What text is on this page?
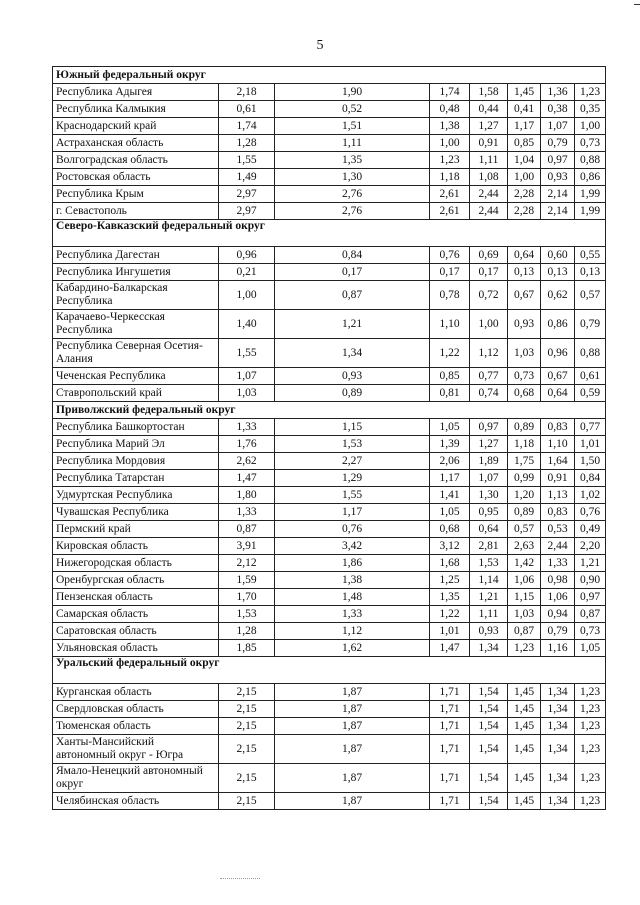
5
Южный федеральный округ							
Республика Адыгея	2,18	1,90	1,74	1,58	1,45	1,36	1,23
Республика Калмыкия	0,61	0,52	0,48	0,44	0,41	0,38	0,35
Краснодарский край	1,74	1,51	1,38	1,27	1,17	1,07	1,00
Астраханская область	1,28	1,11	1,00	0,91	0,85	0,79	0,73
Волгоградская область	1,55	1,35	1,23	1,11	1,04	0,97	0,88
Ростовская область	1,49	1,30	1,18	1,08	1,00	0,93	0,86
Республика Крым	2,97	2,76	2,61	2,44	2,28	2,14	1,99
г. Севастополь	2,97	2,76	2,61	2,44	2,28	2,14	1,99
Северо-Кавказский федеральный округ							
Республика Дагестан	0,96	0,84	0,76	0,69	0,64	0,60	0,55
Республика Ингушетия	0,21	0,17	0,17	0,17	0,13	0,13	0,13
Кабардино-Балкарская Республика	1,00	0,87	0,78	0,72	0,67	0,62	0,57
Карачаево-Черкесская Республика	1,40	1,21	1,10	1,00	0,93	0,86	0,79
Республика Северная Осетия-Алания	1,55	1,34	1,22	1,12	1,03	0,96	0,88
Чеченская Республика	1,07	0,93	0,85	0,77	0,73	0,67	0,61
Ставропольский край	1,03	0,89	0,81	0,74	0,68	0,64	0,59
Приволжский федеральный округ							
Республика Башкортостан	1,33	1,15	1,05	0,97	0,89	0,83	0,77
Республика Марий Эл	1,76	1,53	1,39	1,27	1,18	1,10	1,01
Республика Мордовия	2,62	2,27	2,06	1,89	1,75	1,64	1,50
Республика Татарстан	1,47	1,29	1,17	1,07	0,99	0,91	0,84
Удмуртская Республика	1,80	1,55	1,41	1,30	1,20	1,13	1,02
Чувашская Республика	1,33	1,17	1,05	0,95	0,89	0,83	0,76
Пермский край	0,87	0,76	0,68	0,64	0,57	0,53	0,49
Кировская область	3,91	3,42	3,12	2,81	2,63	2,44	2,20
Нижегородская область	2,12	1,86	1,68	1,53	1,42	1,33	1,21
Оренбургская область	1,59	1,38	1,25	1,14	1,06	0,98	0,90
Пензенская область	1,70	1,48	1,35	1,21	1,15	1,06	0,97
Самарская область	1,53	1,33	1,22	1,11	1,03	0,94	0,87
Саратовская область	1,28	1,12	1,01	0,93	0,87	0,79	0,73
Ульяновская область	1,85	1,62	1,47	1,34	1,23	1,16	1,05
Уральский федеральный округ							
Курганская область	2,15	1,87	1,71	1,54	1,45	1,34	1,23
Свердловская область	2,15	1,87	1,71	1,54	1,45	1,34	1,23
Тюменская область	2,15	1,87	1,71	1,54	1,45	1,34	1,23
Ханты-Мансийский автономный округ - Югра	2,15	1,87	1,71	1,54	1,45	1,34	1,23
Ямало-Ненецкий автономный округ	2,15	1,87	1,71	1,54	1,45	1,34	1,23
Челябинская область	2,15	1,87	1,71	1,54	1,45	1,34	1,23
